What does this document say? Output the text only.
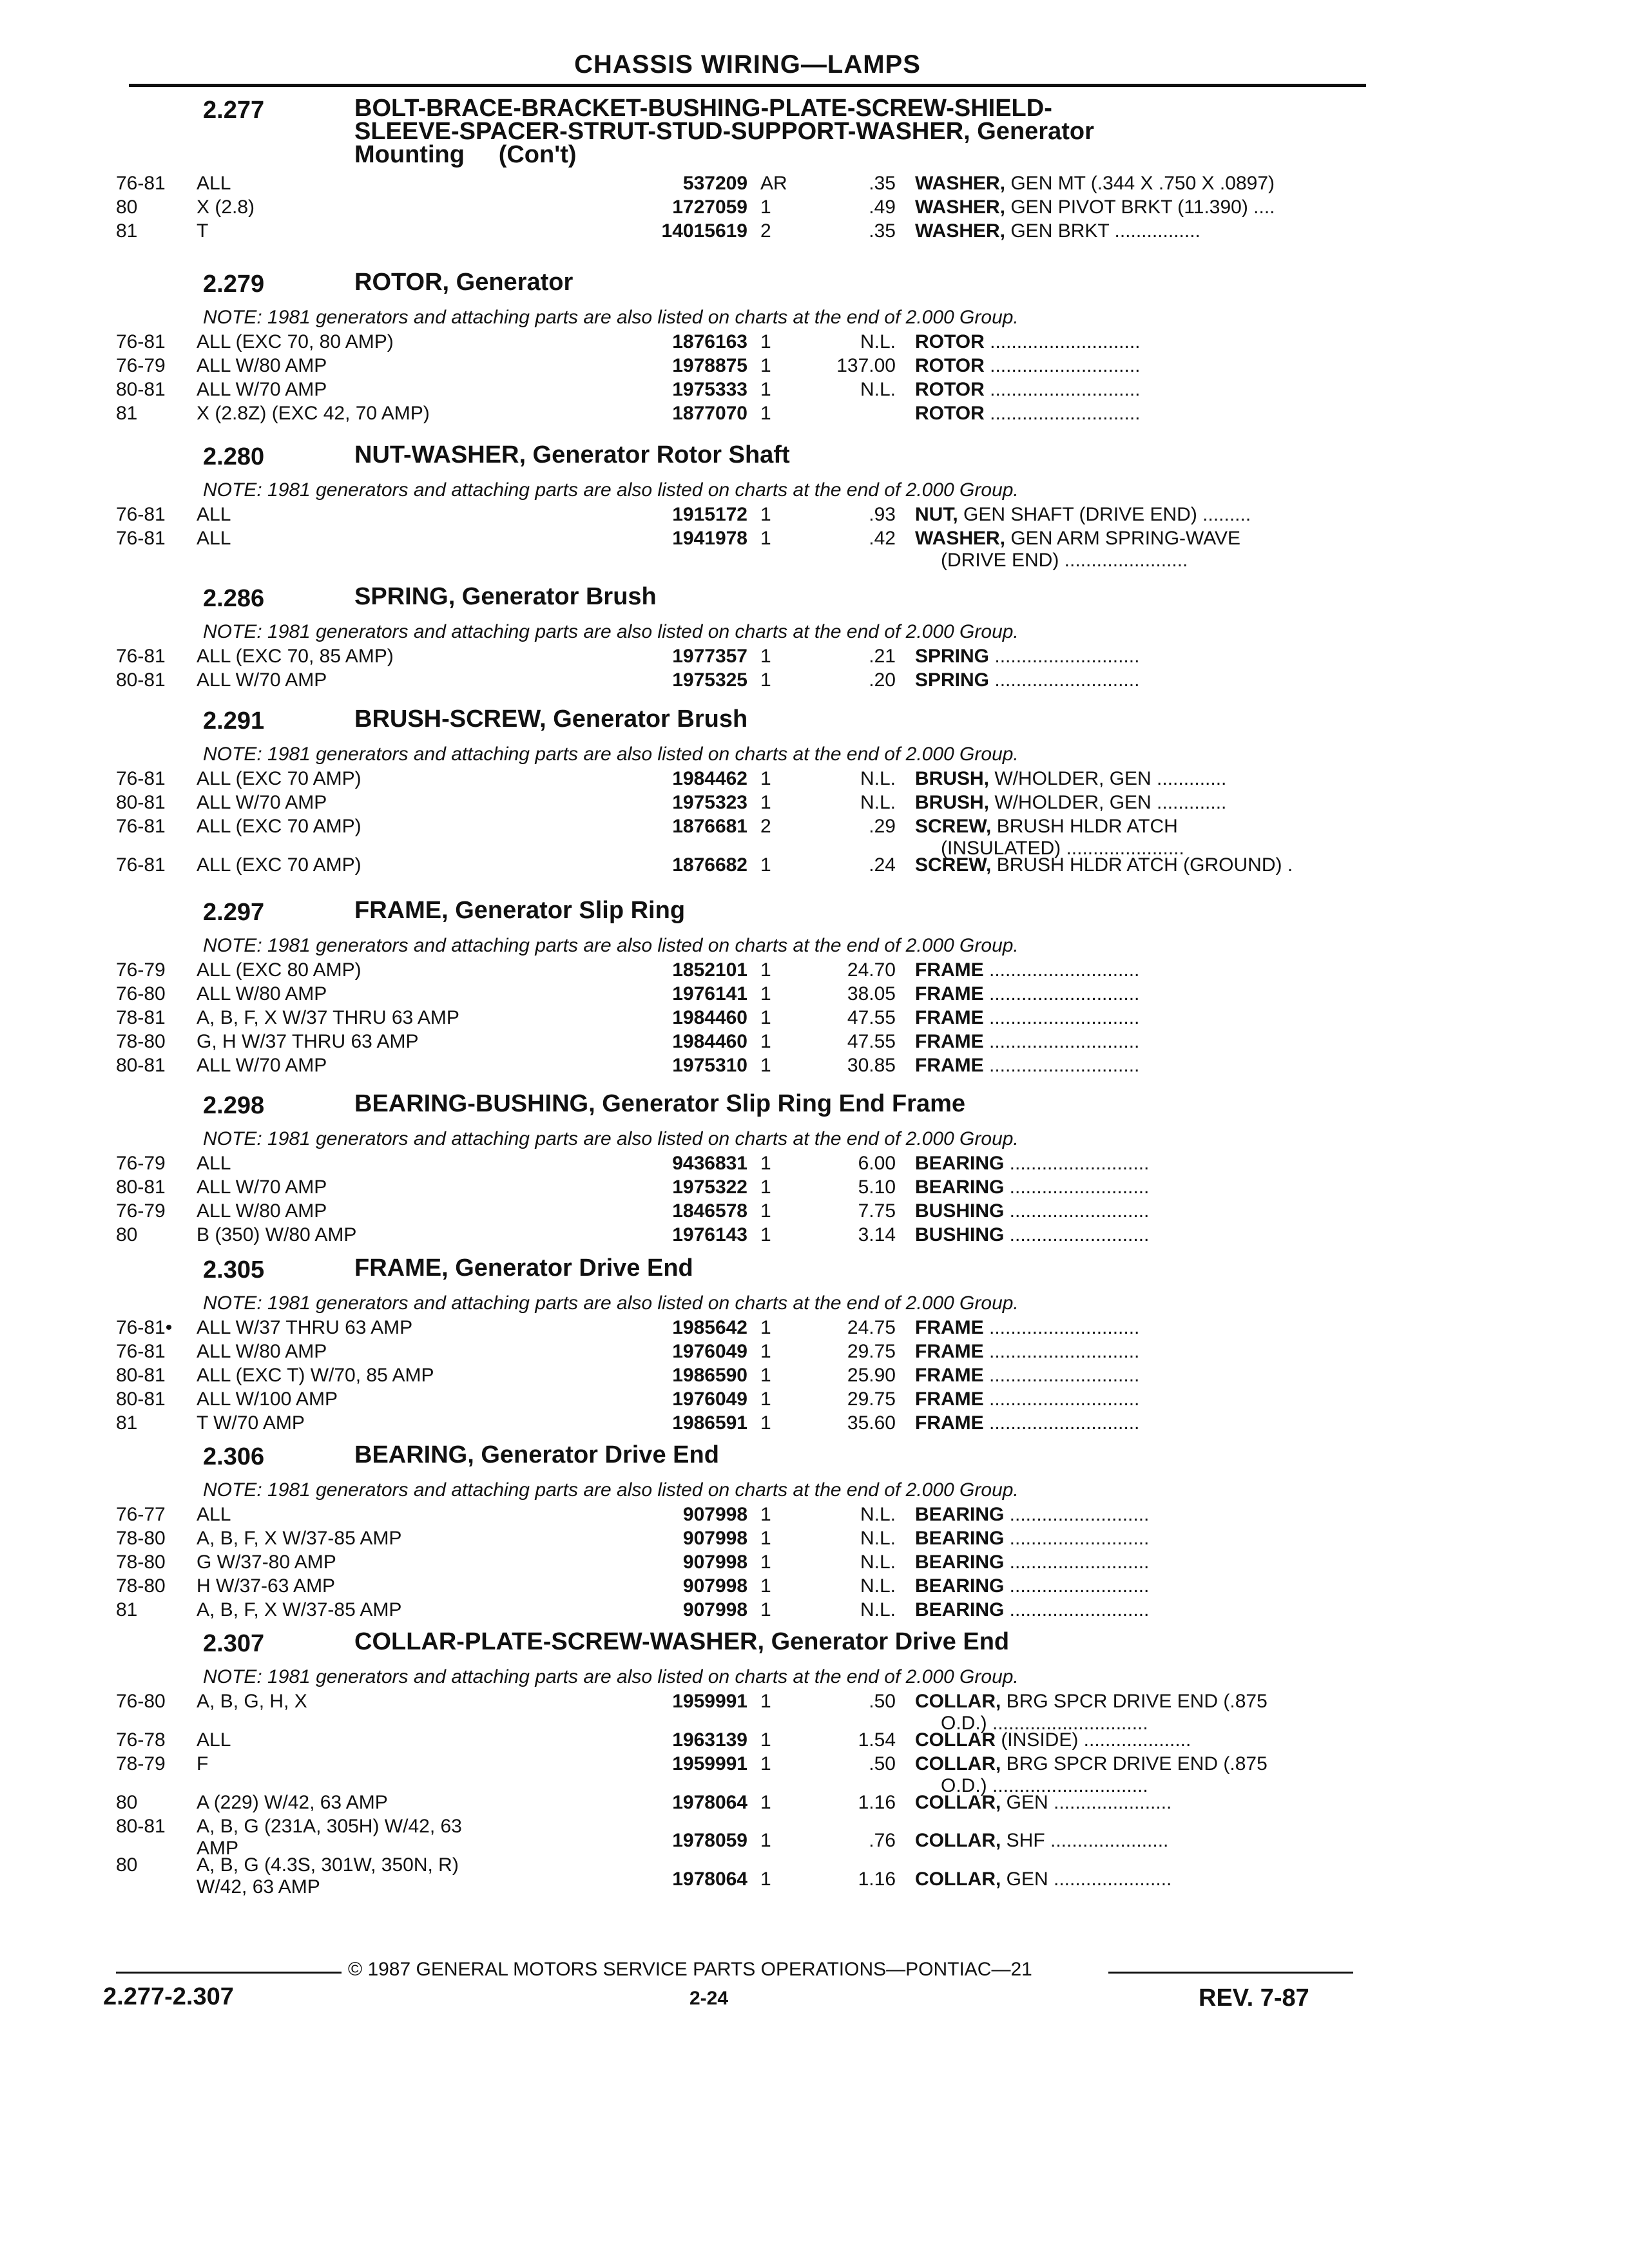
CHASSIS WIRING—LAMPS
2.277	BOLT-BRACE-BRACKET-BUSHING-PLATE-SCREW-SHIELD-
SLEEVE-SPACER-STRUT-STUD-SUPPORT-WASHER, Generator
Mounting     (Con't)
76-81	ALL	537209 AR	.35 WASHER, GEN MT (.344 X .750 X .0897)
80	X (2.8)	1727059 1	.49 WASHER, GEN PIVOT BRKT (11.390) ....
81	T	14015619 2	.35 WASHER, GEN BRKT ................
2.279	ROTOR, Generator
NOTE: 1981 generators and attaching parts are also listed on charts at the end of 2.000 Group.
76-81	ALL (EXC 70, 80 AMP)	1876163 1	N.L. ROTOR ............................
76-79	ALL W/80 AMP	1978875 1	137.00 ROTOR ............................
80-81	ALL W/70 AMP	1975333 1	N.L. ROTOR ............................
81	X (2.8Z) (EXC 42, 70 AMP)	1877070 1	ROTOR ............................
2.280	NUT-WASHER, Generator Rotor Shaft
NOTE: 1981 generators and attaching parts are also listed on charts at the end of 2.000 Group.
76-81	ALL	1915172 1	.93 NUT, GEN SHAFT (DRIVE END) .........
76-81	ALL	1941978 1	.42 WASHER, GEN ARM SPRING-WAVE
(DRIVE END) .......................
2.286	SPRING, Generator Brush
NOTE: 1981 generators and attaching parts are also listed on charts at the end of 2.000 Group.
76-81	ALL (EXC 70, 85 AMP)	1977357 1	.21 SPRING ...........................
80-81	ALL W/70 AMP	1975325 1	.20 SPRING ...........................
2.291	BRUSH-SCREW, Generator Brush
NOTE: 1981 generators and attaching parts are also listed on charts at the end of 2.000 Group.
76-81	ALL (EXC 70 AMP)	1984462 1	N.L. BRUSH, W/HOLDER, GEN .............
80-81	ALL W/70 AMP	1975323 1	N.L. BRUSH, W/HOLDER, GEN .............
76-81	ALL (EXC 70 AMP)	1876681 2	.29 SCREW, BRUSH HLDR ATCH
(INSULATED) ......................
76-81	ALL (EXC 70 AMP)	1876682 1	.24 SCREW, BRUSH HLDR ATCH (GROUND) .
2.297	FRAME, Generator Slip Ring
NOTE: 1981 generators and attaching parts are also listed on charts at the end of 2.000 Group.
76-79	ALL (EXC 80 AMP)	1852101 1	24.70 FRAME ............................
76-80	ALL W/80 AMP	1976141 1	38.05 FRAME ............................
78-81	A, B, F, X W/37 THRU 63 AMP	1984460 1	47.55 FRAME ............................
78-80	G, H W/37 THRU 63 AMP	1984460 1	47.55 FRAME ............................
80-81	ALL W/70 AMP	1975310 1	30.85 FRAME ............................
2.298	BEARING-BUSHING, Generator Slip Ring End Frame
NOTE: 1981 generators and attaching parts are also listed on charts at the end of 2.000 Group.
76-79	ALL	9436831 1	6.00 BEARING ..........................
80-81	ALL W/70 AMP	1975322 1	5.10 BEARING ..........................
76-79	ALL W/80 AMP	1846578 1	7.75 BUSHING ..........................
80	B (350) W/80 AMP	1976143 1	3.14 BUSHING ..........................
2.305	FRAME, Generator Drive End
NOTE: 1981 generators and attaching parts are also listed on charts at the end of 2.000 Group.
76-81•	ALL W/37 THRU 63 AMP	1985642 1	24.75 FRAME ............................
76-81	ALL W/80 AMP	1976049 1	29.75 FRAME ............................
80-81	ALL (EXC T) W/70, 85 AMP	1986590 1	25.90 FRAME ............................
80-81	ALL W/100 AMP	1976049 1	29.75 FRAME ............................
81	T W/70 AMP	1986591 1	35.60 FRAME ............................
2.306	BEARING, Generator Drive End
NOTE: 1981 generators and attaching parts are also listed on charts at the end of 2.000 Group.
76-77	ALL	907998 1	N.L. BEARING ..........................
78-80	A, B, F, X W/37-85 AMP	907998 1	N.L. BEARING ..........................
78-80	G W/37-80 AMP	907998 1	N.L. BEARING ..........................
78-80	H W/37-63 AMP	907998 1	N.L. BEARING ..........................
81	A, B, F, X W/37-85 AMP	907998 1	N.L. BEARING ..........................
2.307	COLLAR-PLATE-SCREW-WASHER, Generator Drive End
NOTE: 1981 generators and attaching parts are also listed on charts at the end of 2.000 Group.
76-80	A, B, G, H, X	1959991 1	.50 COLLAR, BRG SPCR DRIVE END (.875
O.D.) .............................
76-78	ALL	1963139 1	1.54 COLLAR (INSIDE) ....................
78-79	F	1959991 1	.50 COLLAR, BRG SPCR DRIVE END (.875
O.D.) .............................
80	A (229) W/42, 63 AMP	1978064 1	1.16 COLLAR, GEN ......................
80-81	A, B, G (231A, 305H) W/42, 63
AMP	1978059 1	.76 COLLAR, SHF ......................
80	A, B, G (4.3S, 301W, 350N, R)
W/42, 63 AMP	1978064 1	1.16 COLLAR, GEN ......................
© 1987 GENERAL MOTORS SERVICE PARTS OPERATIONS—PONTIAC—21
2.277-2.307	2-24	REV. 7-87
